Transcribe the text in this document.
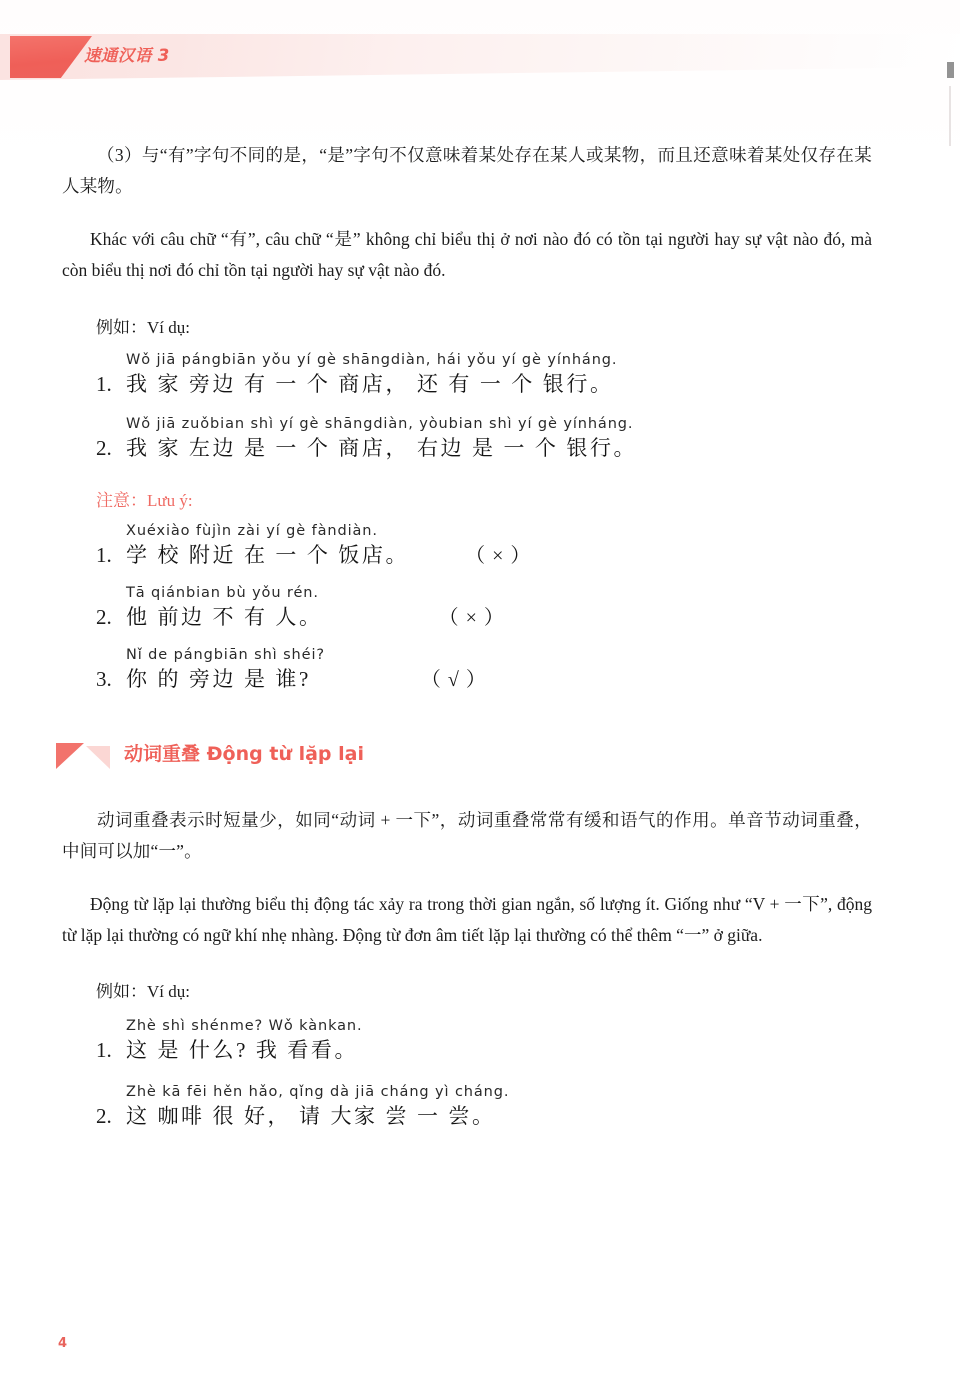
速通汉语 3

（3）与“有”字句不同的是，“是”字句不仅意味着某处存在某人或某物，而且还意味着某处仅存在某人某物。

Khác với câu chữ “有”, câu chữ “是” không chỉ biểu thị ở nơi nào đó có tồn tại người hay sự vật nào đó, mà còn biểu thị nơi đó chỉ tồn tại người hay sự vật nào đó.

例如：Ví dụ:

Wǒ jiā pángbiān yǒu yí gè shāngdiàn, hái yǒu yí gè yínháng.
1. 我 家 旁边 有 一 个 商店， 还 有 一 个 银行。
Wǒ jiā zuǒbian shì yí gè shāngdiàn, yòubian shì yí gè yínháng.
2. 我 家 左边 是 一 个 商店， 右边 是 一 个 银行。

注意：Lưu ý:

Xuéxiào fùjìn zài yí gè fàndiàn.
1. 学 校 附近 在 一 个 饭店。	（ × ）
Tā qiánbian bù yǒu rén.
2. 他 前边 不 有 人。	（ × ）
Nǐ de pángbiān shì shéi?
3. 你 的 旁边 是 谁?	（ √ ）
动词重叠 Động từ lặp lại

动词重叠表示时短量少，如同“动词 + 一下”，动词重叠常常有缓和语气的作用。单音节动词重叠，中间可以加“一”。

Động từ lặp lại thường biểu thị động tác xảy ra trong thời gian ngắn, số lượng ít. Giống như “V + 一下”, động từ lặp lại thường có ngữ khí nhẹ nhàng. Động từ đơn âm tiết lặp lại thường có thể thêm “一” ở giữa.

例如：Ví dụ:

Zhè shì shénme? Wǒ kànkan.
1. 这 是 什么? 我 看看。
Zhè kā fēi hěn hǎo, qǐng dà jiā cháng yì cháng.
2. 这 咖啡 很 好， 请 大家 尝 一 尝。
4
